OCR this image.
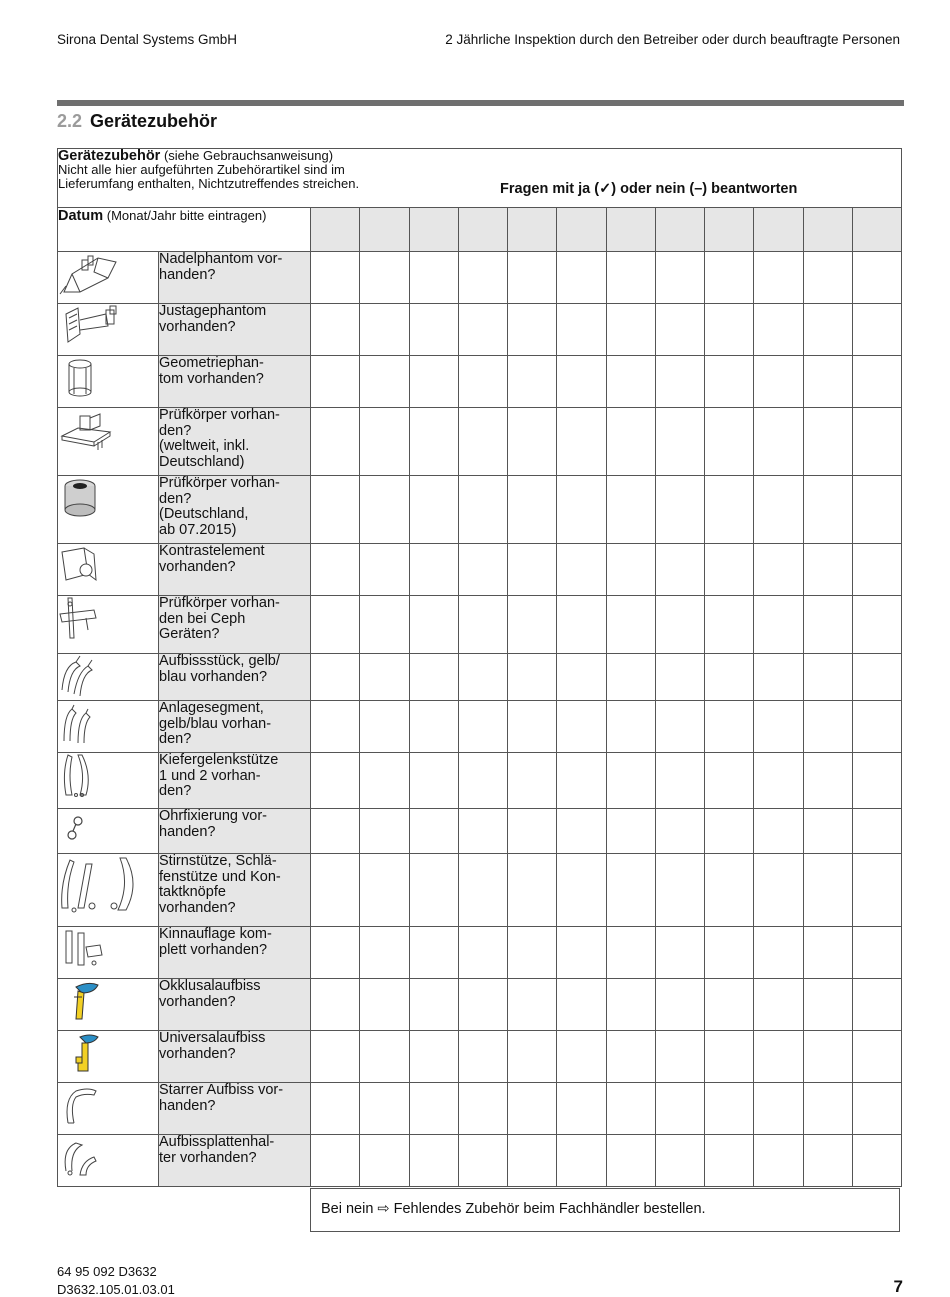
Sirona Dental Systems GmbH	2 Jährliche Inspektion durch den Betreiber oder durch beauftragte Personen
2.2 Gerätezubehör
Gerätezubehör (siehe Gebrauchsanweisung)
Nicht alle hier aufgeführten Zubehörartikel sind im
Lieferumfang enthalten, Nichtzutreffendes streichen. Fragen mit ja (✓) oder nein (–) beantworten													

Datum (Monat/Jahr bitte eintragen)													

Nadelphantom vor-
handen?												

Justagephantom
vorhanden?												

Geometriephan-
tom vorhanden?												

Prüfkörper vorhan-
den?
(weltweit, inkl.
Deutschland)												

Prüfkörper vorhan-
den?
(Deutschland,
ab 07.2015)												

Kontrastelement
vorhanden?												

Prüfkörper vorhan-
den bei Ceph
Geräten?												

Aufbissstück, gelb/
blau vorhanden?												

Anlagesegment,
gelb/blau vorhan-
den?												

Kiefergelenkstütze
1 und 2 vorhan-
den?												

Ohrfixierung vor-
handen?												

Stirnstütze, Schlä-
fenstütze und Kon-
taktknöpfe
vorhanden?												

Kinnauflage kom-
plett vorhanden?												

Okklusalaufbiss
vorhanden?												

Universalaufbiss
vorhanden?												

Starrer Aufbiss vor-
handen?												

Aufbissplattenhal-
ter vorhanden?												

Bei nein ⇨ Fehlendes Zubehör beim Fachhändler bestellen.
64 95 092 D3632
D3632.105.01.03.01	7
